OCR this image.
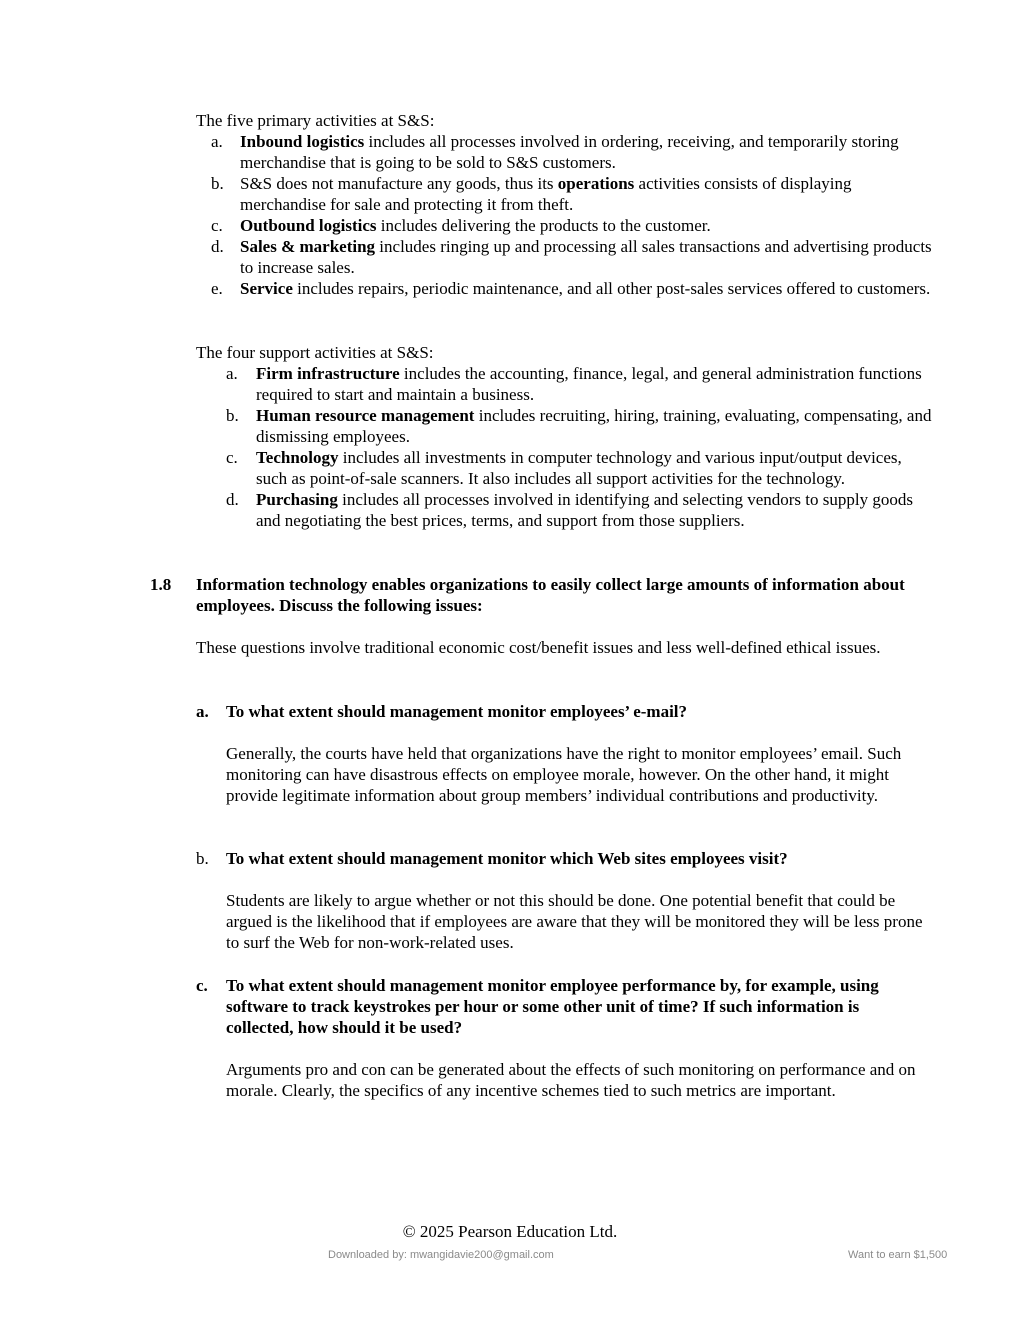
The five primary activities at S&S:
a. Inbound logistics includes all processes involved in ordering, receiving, and temporarily storing merchandise that is going to be sold to S&S customers.
b. S&S does not manufacture any goods, thus its operations activities consists of displaying merchandise for sale and protecting it from theft.
c. Outbound logistics includes delivering the products to the customer.
d. Sales & marketing includes ringing up and processing all sales transactions and advertising products to increase sales.
e. Service includes repairs, periodic maintenance, and all other post-sales services offered to customers.
The four support activities at S&S:
a. Firm infrastructure includes the accounting, finance, legal, and general administration functions required to start and maintain a business.
b. Human resource management includes recruiting, hiring, training, evaluating, compensating, and dismissing employees.
c. Technology includes all investments in computer technology and various input/output devices, such as point-of-sale scanners. It also includes all support activities for the technology.
d. Purchasing includes all processes involved in identifying and selecting vendors to supply goods and negotiating the best prices, terms, and support from those suppliers.
1.8 Information technology enables organizations to easily collect large amounts of information about employees. Discuss the following issues:
These questions involve traditional economic cost/benefit issues and less well-defined ethical issues.
a. To what extent should management monitor employees’ e-mail?
Generally, the courts have held that organizations have the right to monitor employees’ email. Such monitoring can have disastrous effects on employee morale, however. On the other hand, it might provide legitimate information about group members’ individual contributions and productivity.
b. To what extent should management monitor which Web sites employees visit?
Students are likely to argue whether or not this should be done. One potential benefit that could be argued is the likelihood that if employees are aware that they will be monitored they will be less prone to surf the Web for non-work-related uses.
c. To what extent should management monitor employee performance by, for example, using software to track keystrokes per hour or some other unit of time? If such information is collected, how should it be used?
Arguments pro and con can be generated about the effects of such monitoring on performance and on morale. Clearly, the specifics of any incentive schemes tied to such metrics are important.
© 2025 Pearson Education Ltd.
Downloaded by: mwangidavie200@gmail.com	Want to earn $1,500
